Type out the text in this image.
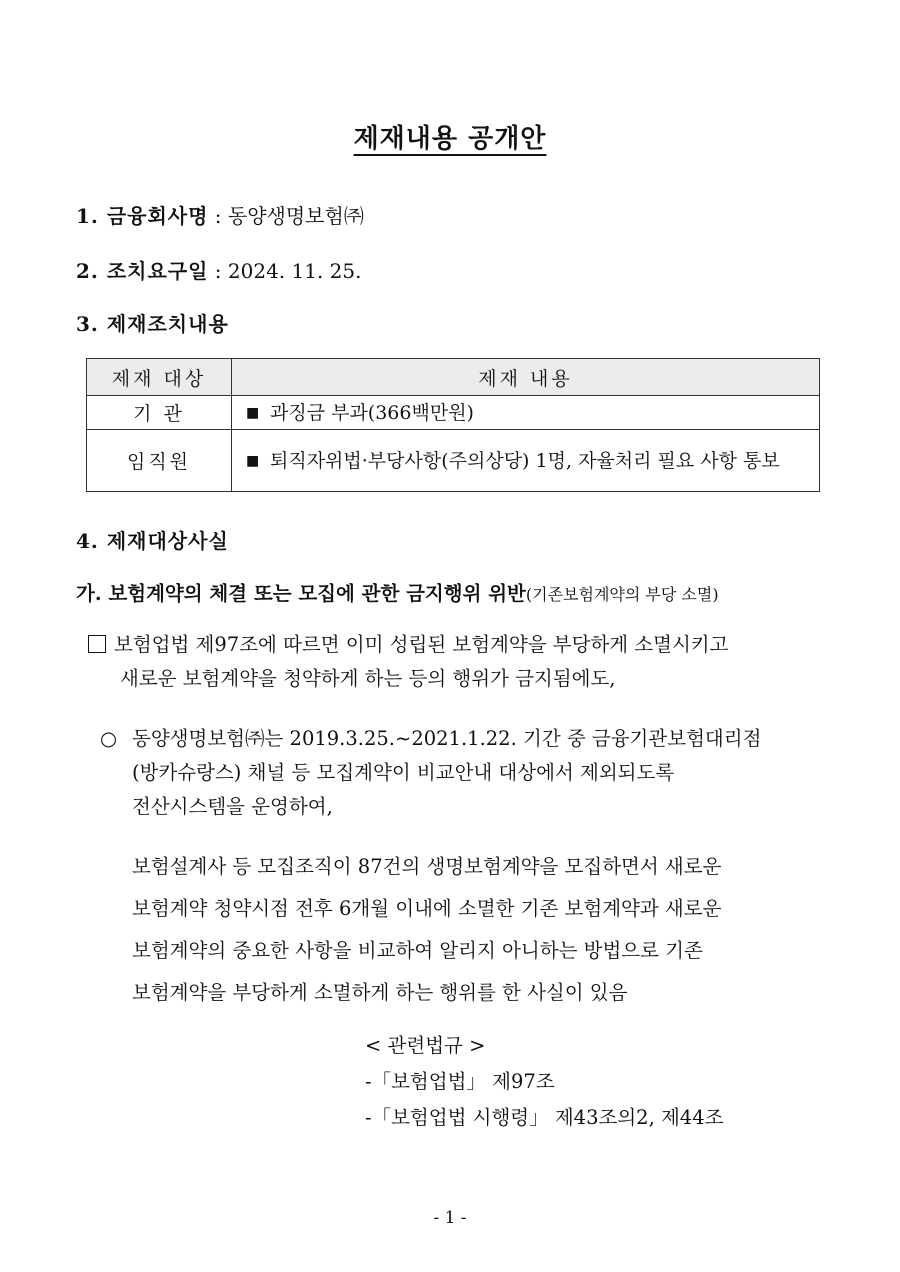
제재내용 공개안
1. 금융회사명 : 동양생명보험㈜
2. 조치요구일 : 2024. 11. 25.
3. 제재조치내용
제재 대상	제재 내용
기 관	■ 과징금 부과(366백만원)
임직원	■ 퇴직자위법·부당사항(주의상당) 1명, 자율처리 필요 사항 통보
4. 제재대상사실
가. 보험계약의 체결 또는 모집에 관한 금지행위 위반(기존보험계약의 부당 소멸)
보험업법 제97조에 따르면 이미 성립된 보험계약을 부당하게 소멸시키고
새로운 보험계약을 청약하게 하는 등의 행위가 금지됨에도,
○ 동양생명보험㈜는 2019.3.25.∼2021.1.22. 기간 중 금융기관보험대리점
(방카슈랑스) 채널 등 모집계약이 비교안내 대상에서 제외되도록
전산시스템을 운영하여,
보험설계사 등 모집조직이 87건의 생명보험계약을 모집하면서 새로운
보험계약 청약시점 전후 6개월 이내에 소멸한 기존 보험계약과 새로운
보험계약의 중요한 사항을 비교하여 알리지 아니하는 방법으로 기존
보험계약을 부당하게 소멸하게 하는 행위를 한 사실이 있음
< 관련법규 >
-「보험업법」 제97조
-「보험업법 시행령」 제43조의2, 제44조
- 1 -
